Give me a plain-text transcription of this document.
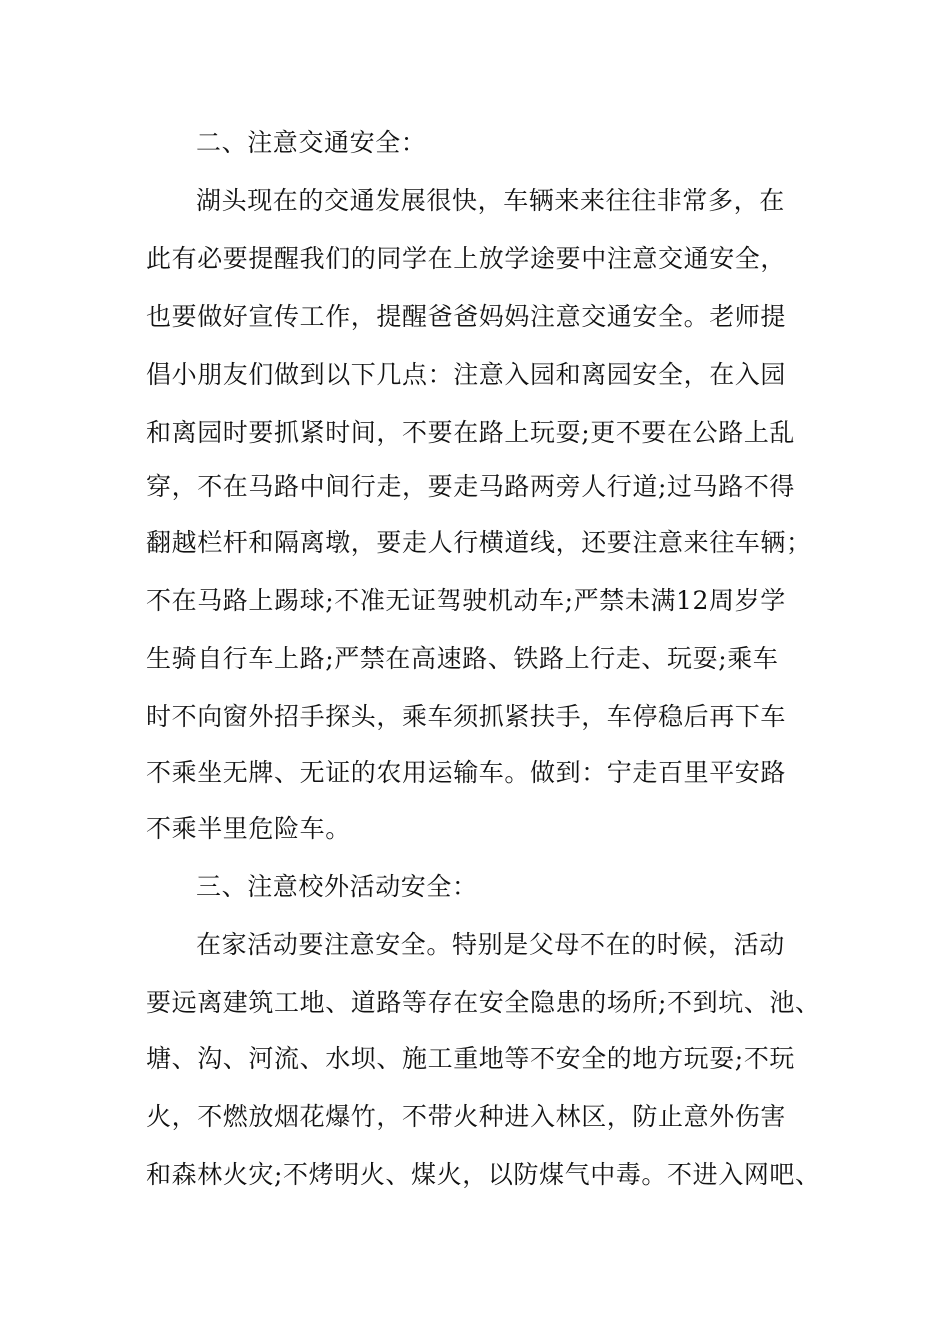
二、注意交通安全：
湖头现在的交通发展很快，车辆来来往往非常多，在
此有必要提醒我们的同学在上放学途要中注意交通安全，
也要做好宣传工作，提醒爸爸妈妈注意交通安全。老师提
倡小朋友们做到以下几点：注意入园和离园安全，在入园
和离园时要抓紧时间，不要在路上玩耍;更不要在公路上乱
穿，不在马路中间行走，要走马路两旁人行道;过马路不得
翻越栏杆和隔离墩，要走人行横道线，还要注意来往车辆；
不在马路上踢球;不准无证驾驶机动车;严禁未满12周岁学
生骑自行车上路;严禁在高速路、铁路上行走、玩耍;乘车
时不向窗外招手探头，乘车须抓紧扶手，车停稳后再下车
不乘坐无牌、无证的农用运输车。做到：宁走百里平安路
不乘半里危险车。
三、注意校外活动安全：
在家活动要注意安全。特别是父母不在的时候，活动
要远离建筑工地、道路等存在安全隐患的场所;不到坑、池、
塘、沟、河流、水坝、施工重地等不安全的地方玩耍;不玩
火，不燃放烟花爆竹，不带火种进入林区，防止意外伤害
和森林火灾;不烤明火、煤火，以防煤气中毒。不进入网吧、
